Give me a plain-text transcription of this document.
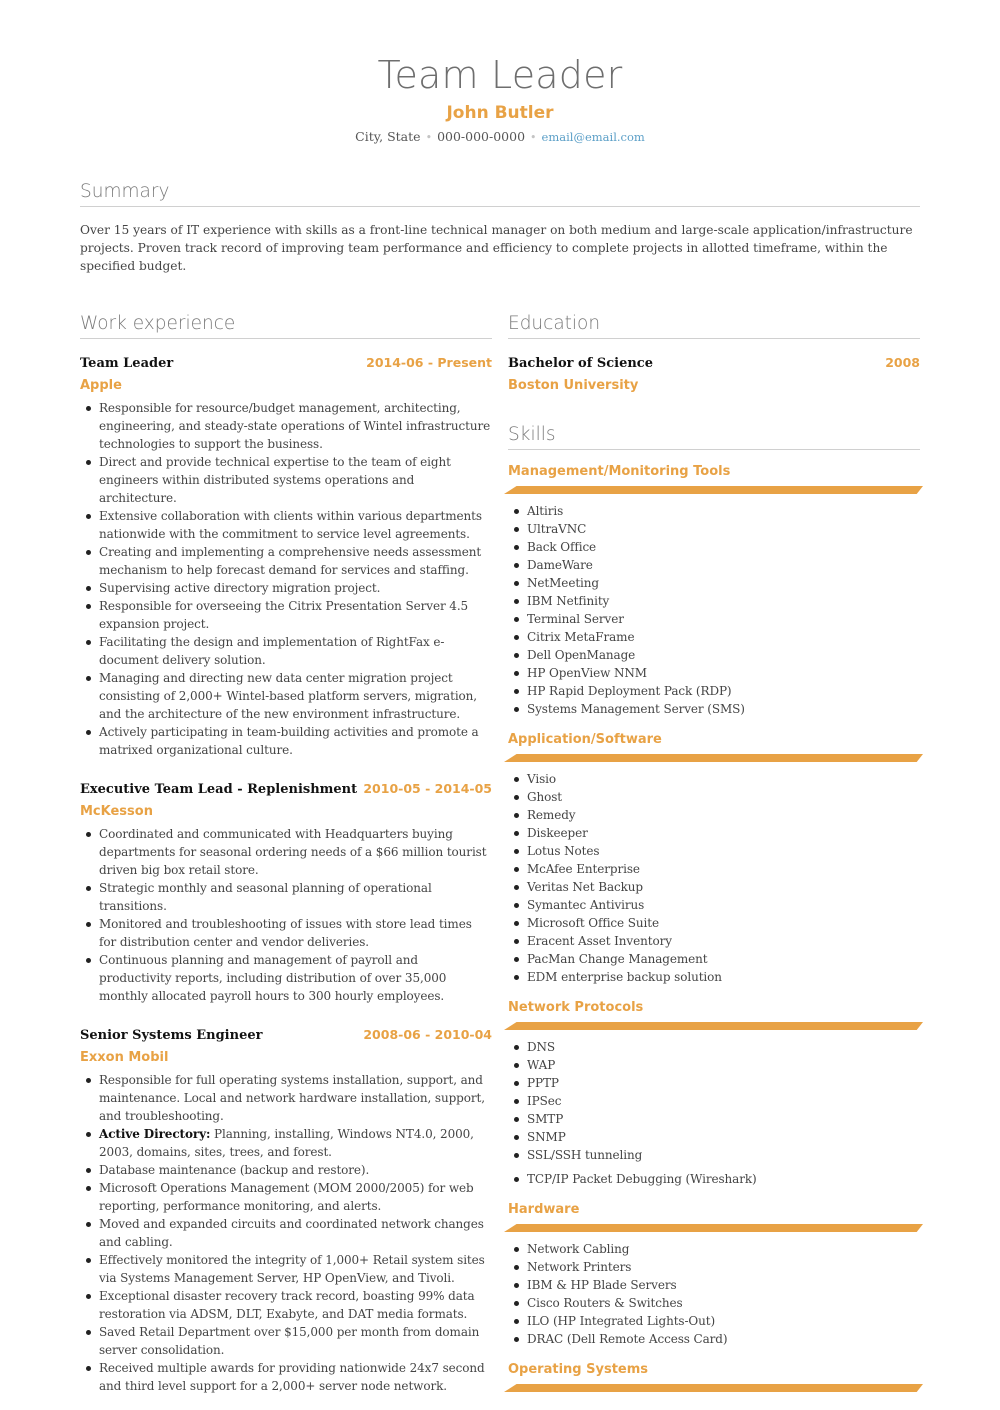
Team Leader
John Butler
City, State • 000-000-0000 • email@email.com
Summary

Over 15 years of IT experience with skills as a front-line technical manager on both medium and large-scale application/infrastructure projects. Proven track record of improving team performance and efficiency to complete projects in allotted timeframe, within the specified budget.

Work experience
Team Leader	2014-06 - Present
Apple
Responsible for resource/budget management, architecting, engineering, and steady-state operations of Wintel infrastructure technologies to support the business.
Direct and provide technical expertise to the team of eight engineers within distributed systems operations and architecture.
Extensive collaboration with clients within various departments nationwide with the commitment to service level agreements.
Creating and implementing a comprehensive needs assessment mechanism to help forecast demand for services and staffing.
Supervising active directory migration project.
Responsible for overseeing the Citrix Presentation Server 4.5 expansion project.
Facilitating the design and implementation of RightFax e-document delivery solution.
Managing and directing new data center migration project consisting of 2,000+ Wintel-based platform servers, migration, and the architecture of the new environment infrastructure.
Actively participating in team-building activities and promote a matrixed organizational culture.
Executive Team Lead - Replenishment 2010-05 - 2014-05
McKesson
Coordinated and communicated with Headquarters buying departments for seasonal ordering needs of a $66 million tourist driven big box retail store.
Strategic monthly and seasonal planning of operational transitions.
Monitored and troubleshooting of issues with store lead times for distribution center and vendor deliveries.
Continuous planning and management of payroll and productivity reports, including distribution of over 35,000 monthly allocated payroll hours to 300 hourly employees.
Senior Systems Engineer	2008-06 - 2010-04
Exxon Mobil
Responsible for full operating systems installation, support, and maintenance. Local and network hardware installation, support, and troubleshooting.
Active Directory: Planning, installing, Windows NT4.0, 2000, 2003, domains, sites, trees, and forest.
Database maintenance (backup and restore).
Microsoft Operations Management (MOM 2000/2005) for web reporting, performance monitoring, and alerts.
Moved and expanded circuits and coordinated network changes and cabling.
Effectively monitored the integrity of 1,000+ Retail system sites via Systems Management Server, HP OpenView, and Tivoli.
Exceptional disaster recovery track record, boasting 99% data restoration via ADSM, DLT, Exabyte, and DAT media formats.
Saved Retail Department over $15,000 per month from domain server consolidation.
Received multiple awards for providing nationwide 24x7 second and third level support for a 2,000+ server node network.
Education
Bachelor of Science	2008
Boston University
Skills
Management/Monitoring Tools
Altiris
UltraVNC
Back Office
DameWare
NetMeeting
IBM Netfinity
Terminal Server
Citrix MetaFrame
Dell OpenManage
HP OpenView NNM
HP Rapid Deployment Pack (RDP)
Systems Management Server (SMS)
Application/Software
Visio
Ghost
Remedy
Diskeeper
Lotus Notes
McAfee Enterprise
Veritas Net Backup
Symantec Antivirus
Microsoft Office Suite
Eracent Asset Inventory
PacMan Change Management
EDM enterprise backup solution
Network Protocols
DNS
WAP
PPTP
IPSec
SMTP
SNMP
SSL/SSH tunneling
TCP/IP Packet Debugging (Wireshark)
Hardware
Network Cabling
Network Printers
IBM & HP Blade Servers
Cisco Routers & Switches
ILO (HP Integrated Lights-Out)
DRAC (Dell Remote Access Card)
Operating Systems
